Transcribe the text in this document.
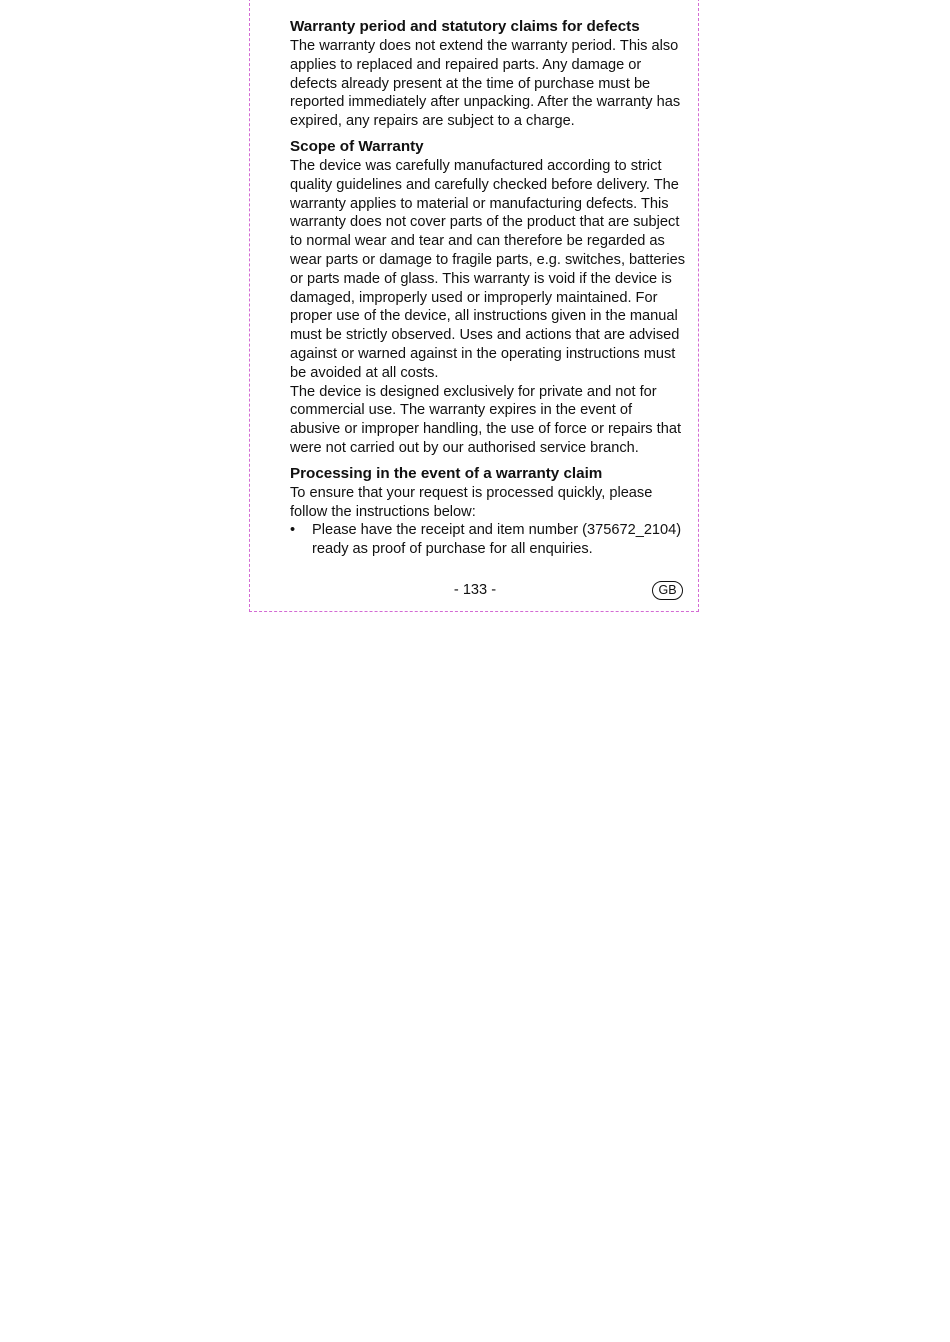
Warranty period and statutory claims for defects

The warranty does not extend the warranty period. This also applies to replaced and repaired parts. Any damage or defects already present at the time of purchase must be reported immediately after unpacking. After the warranty has expired, any repairs are subject to a charge.

Scope of Warranty

The device was carefully manufactured according to strict quality guidelines and carefully checked before delivery. The warranty applies to material or manufacturing defects. This warranty does not cover parts of the product that are subject to normal wear and tear and can therefore be regarded as wear parts or damage to fragile parts, e.g. switches, batteries or parts made of glass. This warranty is void if the device is damaged, improperly used or improperly maintained. For proper use of the device, all instructions given in the manual must be strictly observed. Uses and actions that are advised against or warned against in the operating instructions must be avoided at all costs.

The device is designed exclusively for private and not for commercial use. The warranty expires in the event of abusive or improper handling, the use of force or repairs that were not carried out by our authorised service branch.

Processing in the event of a warranty claim

To ensure that your request is processed quickly, please follow the instructions below:

• Please have the receipt and item number (375672_2104) ready as proof of purchase for all enquiries.
- 133 -	GB
